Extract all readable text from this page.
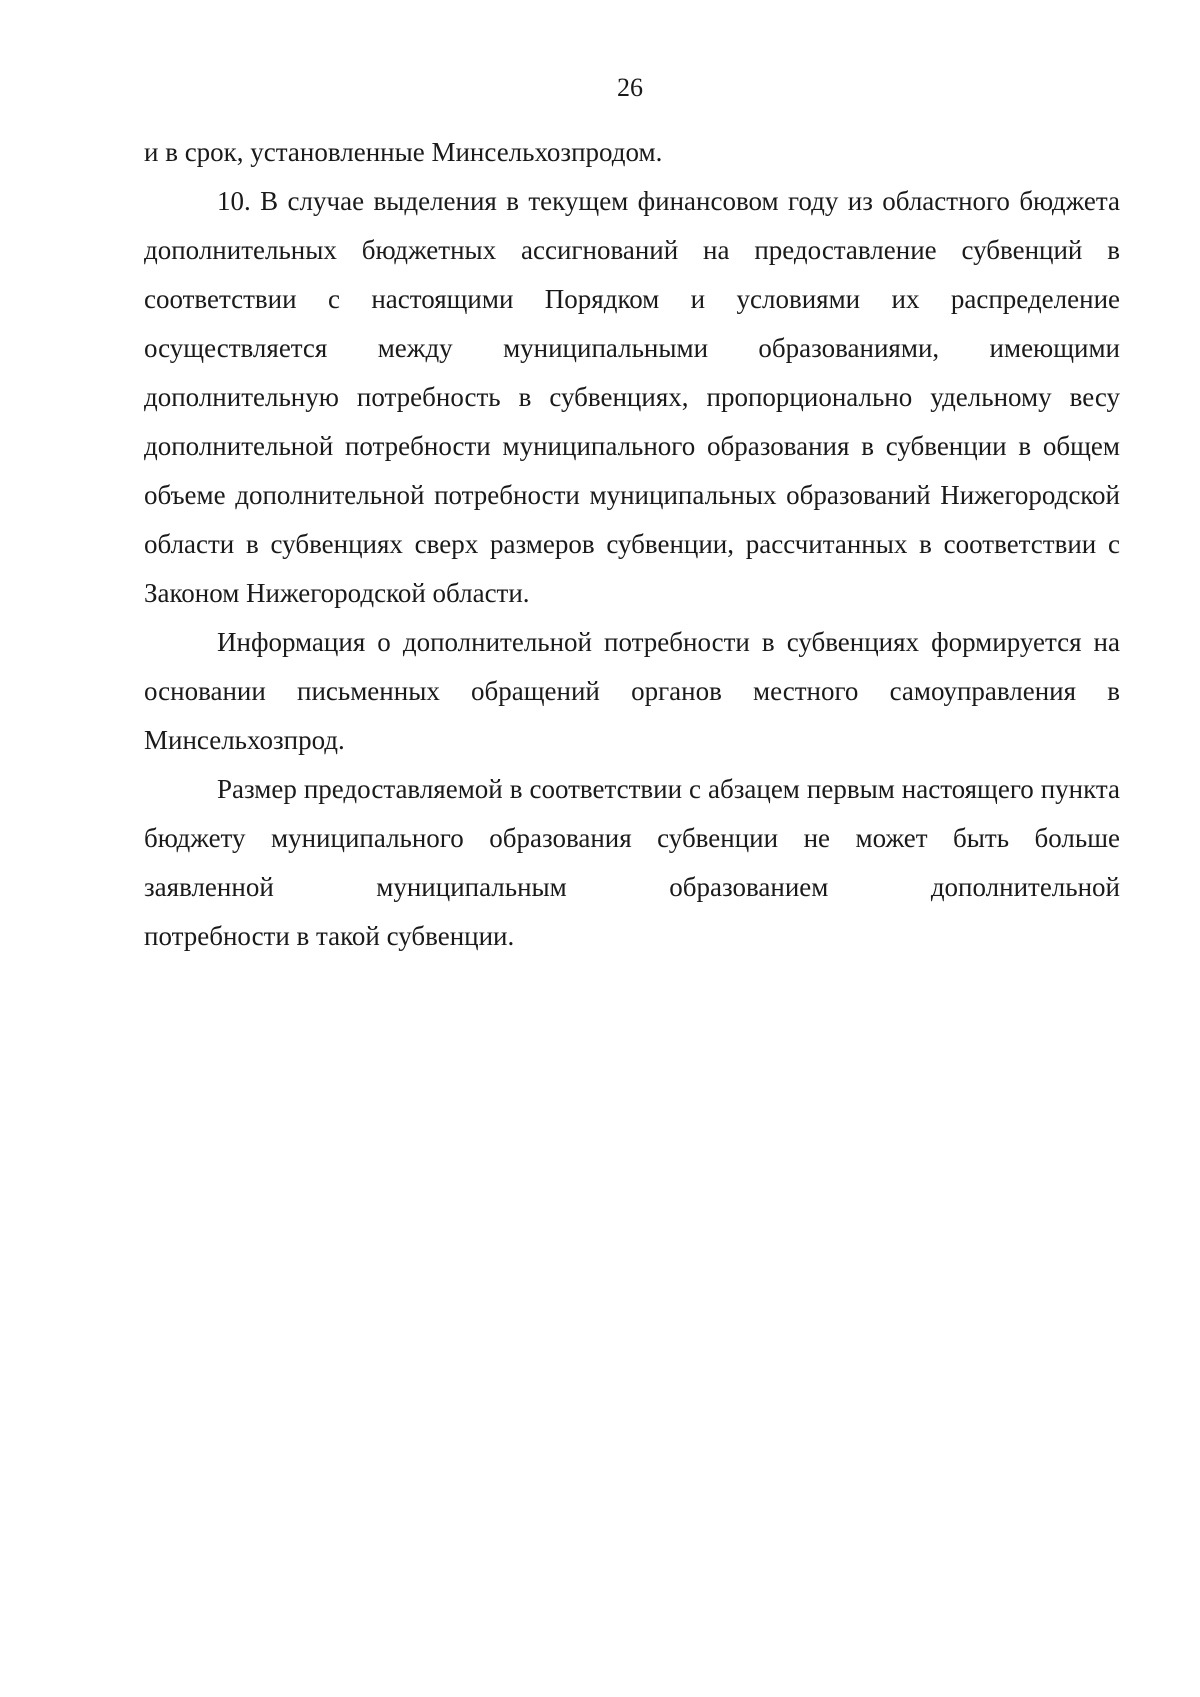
26

и в срок, установленные Минсельхозпродом.

10. В случае выделения в текущем финансовом году из областного бюджета дополнительных бюджетных ассигнований на предоставление субвенций в соответствии с настоящими Порядком и условиями их распределение осуществляется между муниципальными образованиями, имеющими дополнительную потребность в субвенциях, пропорционально удельному весу дополнительной потребности муниципального образования в субвенции в общем объеме дополнительной потребности муниципальных образований Нижегородской области в субвенциях сверх размеров субвенции, рассчитанных в соответствии с Законом Нижегородской области.

Информация о дополнительной потребности в субвенциях формируется на основании письменных обращений органов местного самоуправления в Минсельхозпрод.

Размер предоставляемой в соответствии с абзацем первым настоящего пункта бюджету муниципального образования субвенции не может быть больше заявленной муниципальным образованием дополнительной

потребности в такой субвенции.
